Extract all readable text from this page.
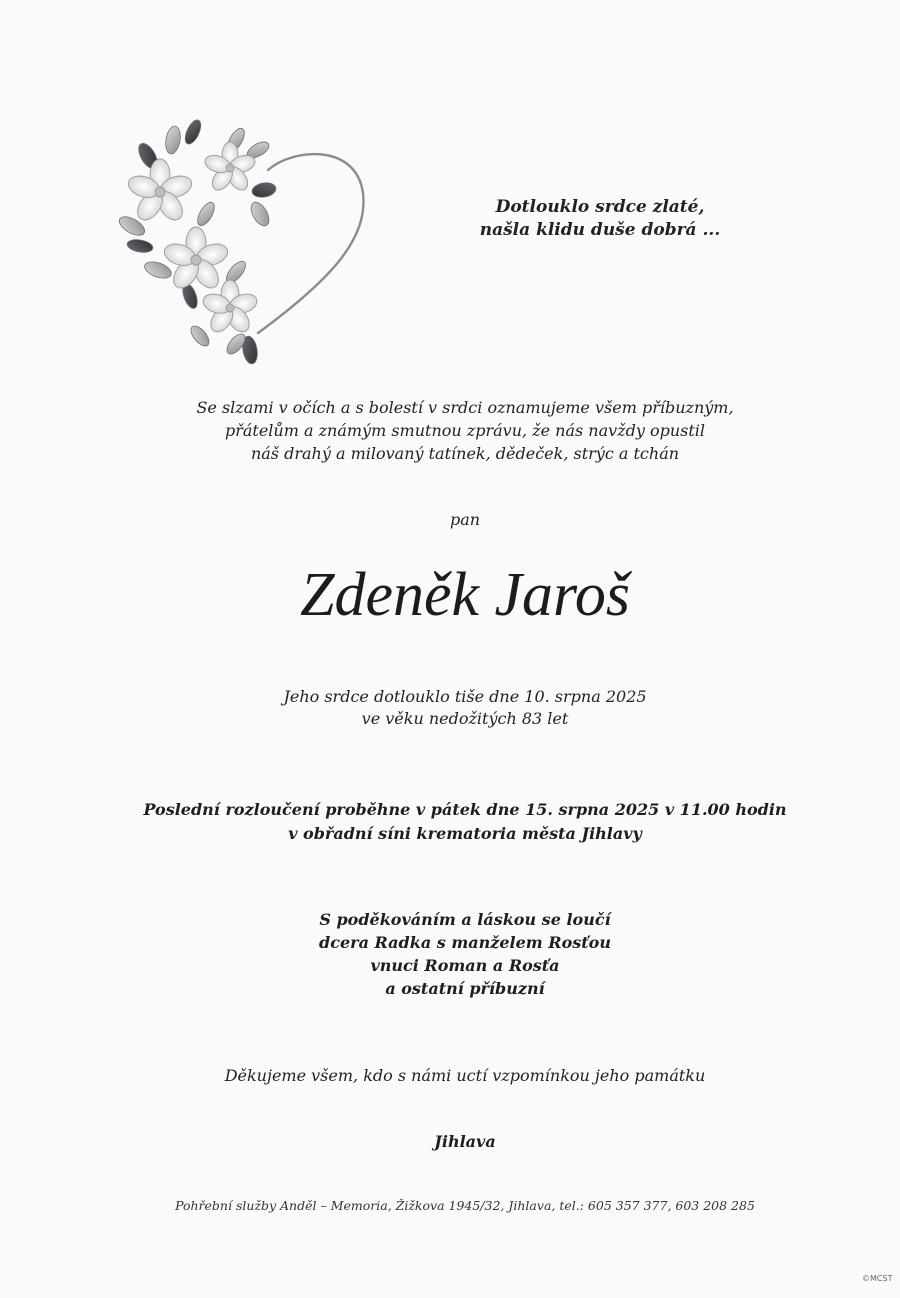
Dotlouklo srdce zlaté,
našla klidu duše dobrá ...
Se slzami v očích a s bolestí v srdci oznamujeme všem příbuzným,
přátelům a známým smutnou zprávu, že nás navždy opustil
náš drahý a milovaný tatínek, dědeček, strýc a tchán
pan
Zdeněk Jaroš
Jeho srdce dotlouklo tiše dne 10. srpna 2025
ve věku nedožitých 83 let
Poslední rozloučení proběhne v pátek dne 15. srpna 2025 v 11.00 hodin
v obřadní síni krematoria města Jihlavy
S poděkováním a láskou se loučí
dcera Radka s manželem Rosťou
vnuci Roman a Rosťa
a ostatní příbuzní
Děkujeme všem, kdo s námi uctí vzpomínkou jeho památku
Jihlava
Pohřební služby Anděl – Memoria, Žižkova 1945/32, Jihlava, tel.: 605 357 377, 603 208 285
©MCST
